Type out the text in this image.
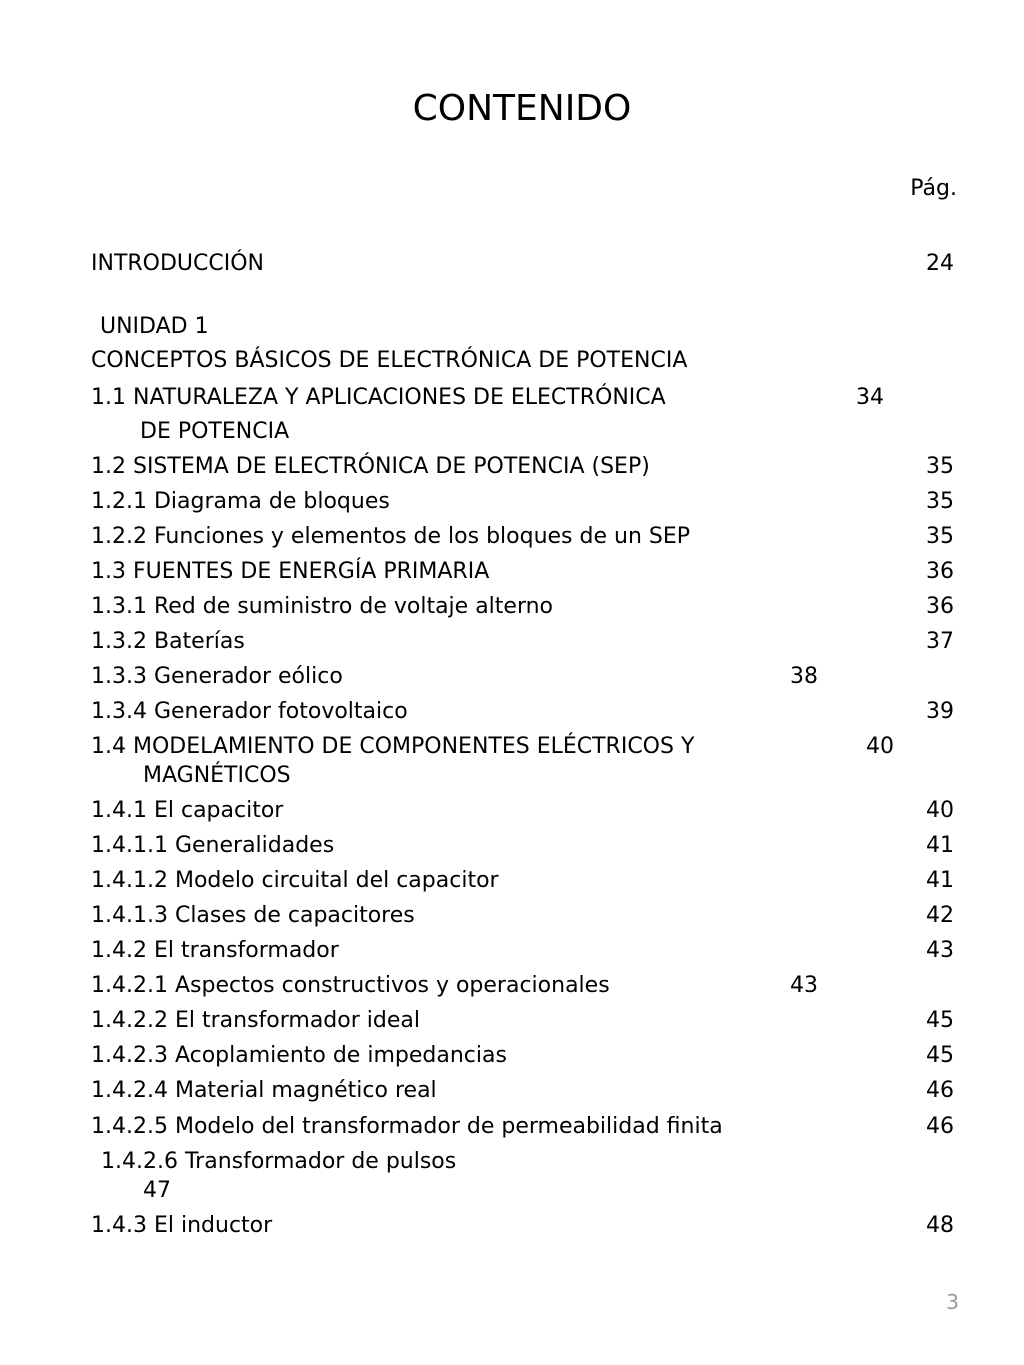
CONTENIDO
Pág.
INTRODUCCIÓN
UNIDAD 1
CONCEPTOS BÁSICOS DE ELECTRÓNICA DE POTENCIA
1.1 NATURALEZA Y APLICACIONES DE ELECTRÓNICA
DE POTENCIA
1.2 SISTEMA DE ELECTRÓNICA DE POTENCIA (SEP)
1.2.1 Diagrama de bloques
1.2.2 Funciones y elementos de los bloques de un SEP
1.3 FUENTES DE ENERGÍA PRIMARIA
1.3.1 Red de suministro de voltaje alterno
1.3.2 Baterías
1.3.3 Generador eólico
1.3.4 Generador fotovoltaico
1.4 MODELAMIENTO DE COMPONENTES ELÉCTRICOS Y
MAGNÉTICOS
1.4.1 El capacitor
1.4.1.1 Generalidades
1.4.1.2 Modelo circuital del capacitor
1.4.1.3 Clases de capacitores
1.4.2 El transformador
1.4.2.1 Aspectos constructivos y operacionales
1.4.2.2 El transformador ideal
1.4.2.3 Acoplamiento de impedancias
1.4.2.4 Material magnético real
1.4.2.5 Modelo del transformador de permeabilidad finita
1.4.2.6 Transformador de pulsos
47
1.4.3 El inductor
24
34
35
35
35
36
36
37
38
39
40
40
41
41
42
43
43
45
45
46
46
48
3
